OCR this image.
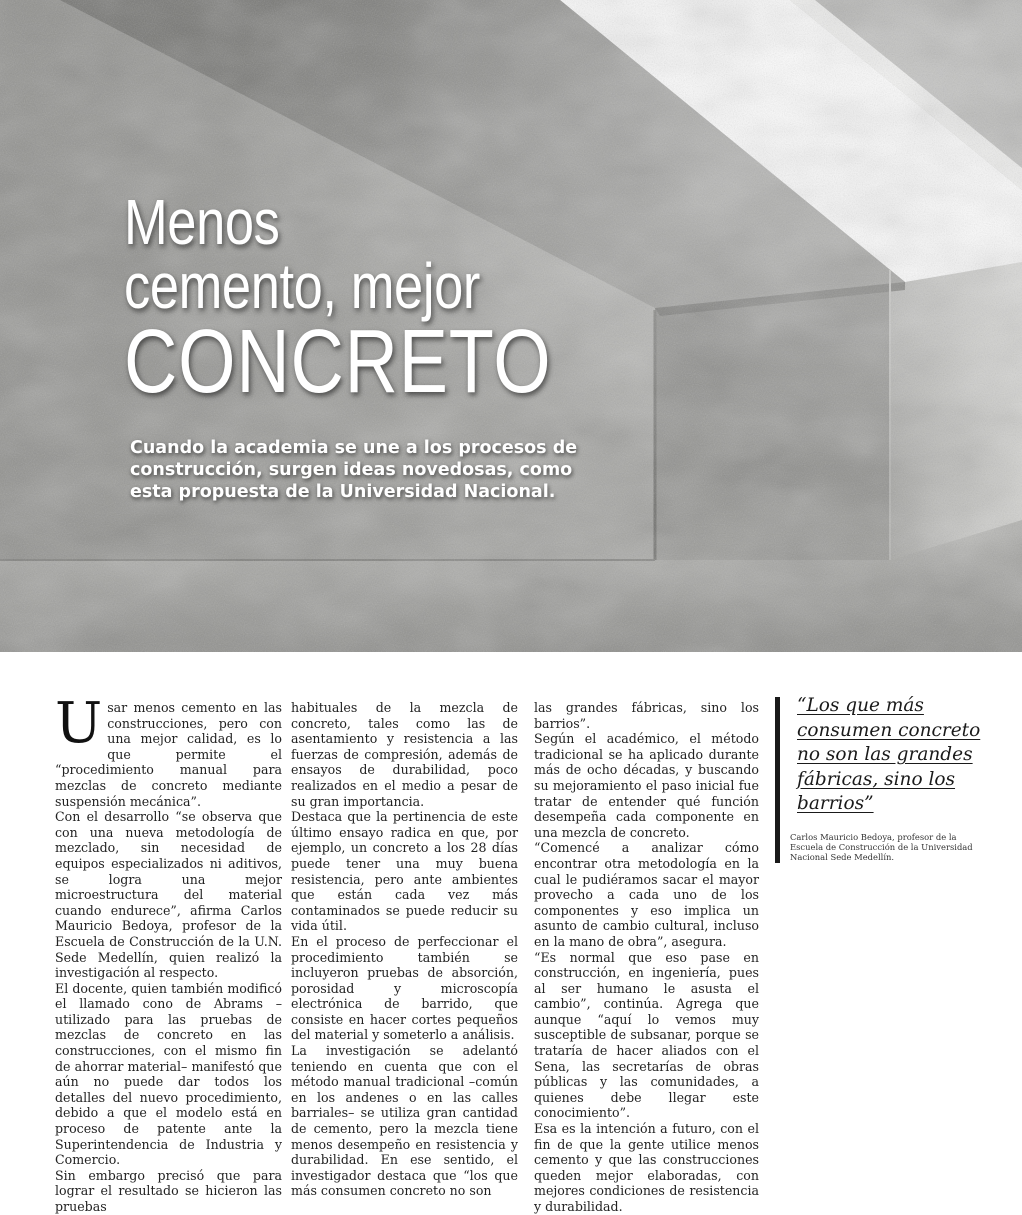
Menos
cemento, mejor
CONCRETO
Cuando la academia se une a los procesos de construcción, surgen ideas novedosas, como esta propuesta de la Universidad Nacional.

Usar menos cemento en las construcciones, pero con una mejor calidad, es lo que permite el “procedimiento manual para mezclas de concreto mediante suspensión mecánica”.

Con el desarrollo “se observa que con una nueva metodología de mezclado, sin necesidad de equipos especializados ni aditivos, se logra una mejor microestructura del material cuando endurece”, afirma Carlos Mauricio Bedoya, profesor de la Escuela de Construcción de la U.N. Sede Medellín, quien realizó la investigación al respecto.

El docente, quien también modificó el llamado cono de Abrams –utilizado para las pruebas de mezclas de concreto en las construcciones, con el mismo fin de ahorrar material– manifestó que aún no puede dar todos los detalles del nuevo procedimiento, debido a que el modelo está en proceso de patente ante la Superintendencia de Industria y Comercio.

Sin embargo precisó que para lograr el resultado se hicieron las pruebas

habituales de la mezcla de concreto, tales como las de asentamiento y resistencia a las fuerzas de compresión, además de ensayos de durabilidad, poco realizados en el medio a pesar de su gran importancia.

Destaca que la pertinencia de este último ensayo radica en que, por ejemplo, un concreto a los 28 días puede tener una muy buena resistencia, pero ante ambientes que están cada vez más contaminados se puede reducir su vida útil.

En el proceso de perfeccionar el procedimiento también se incluyeron pruebas de absorción, porosidad y microscopía electrónica de barrido, que consiste en hacer cortes pequeños del material y someterlo a análisis.

La investigación se adelantó teniendo en cuenta que con el método manual tradicional –común en los andenes o en las calles barriales– se utiliza gran cantidad de cemento, pero la mezcla tiene menos desempeño en resistencia y durabilidad. En ese sentido, el investigador destaca que “los que más consumen concreto no son

las grandes fábricas, sino los barrios”.

Según el académico, el método tradicional se ha aplicado durante más de ocho décadas, y buscando su mejoramiento el paso inicial fue tratar de entender qué función desempeña cada componente en una mezcla de concreto.

“Comencé a analizar cómo encontrar otra metodología en la cual le pudiéramos sacar el mayor provecho a cada uno de los componentes y eso implica un asunto de cambio cultural, incluso en la mano de obra”, asegura.

“Es normal que eso pase en construcción, en ingeniería, pues al ser humano le asusta el cambio”, continúa. Agrega que aunque “aquí lo vemos muy susceptible de subsanar, porque se trataría de hacer aliados con el Sena, las secretarías de obras públicas y las comunidades, a quienes debe llegar este conocimiento”.

Esa es la intención a futuro, con el fin de que la gente utilice menos cemento y que las construcciones queden mejor elaboradas, con mejores condiciones de resistencia y durabilidad.

“Los que más consumen concreto no son las grandes fábricas, sino los barrios”
Carlos Mauricio Bedoya, profesor de la Escuela de Construcción de la Universidad Nacional Sede Medellín.
